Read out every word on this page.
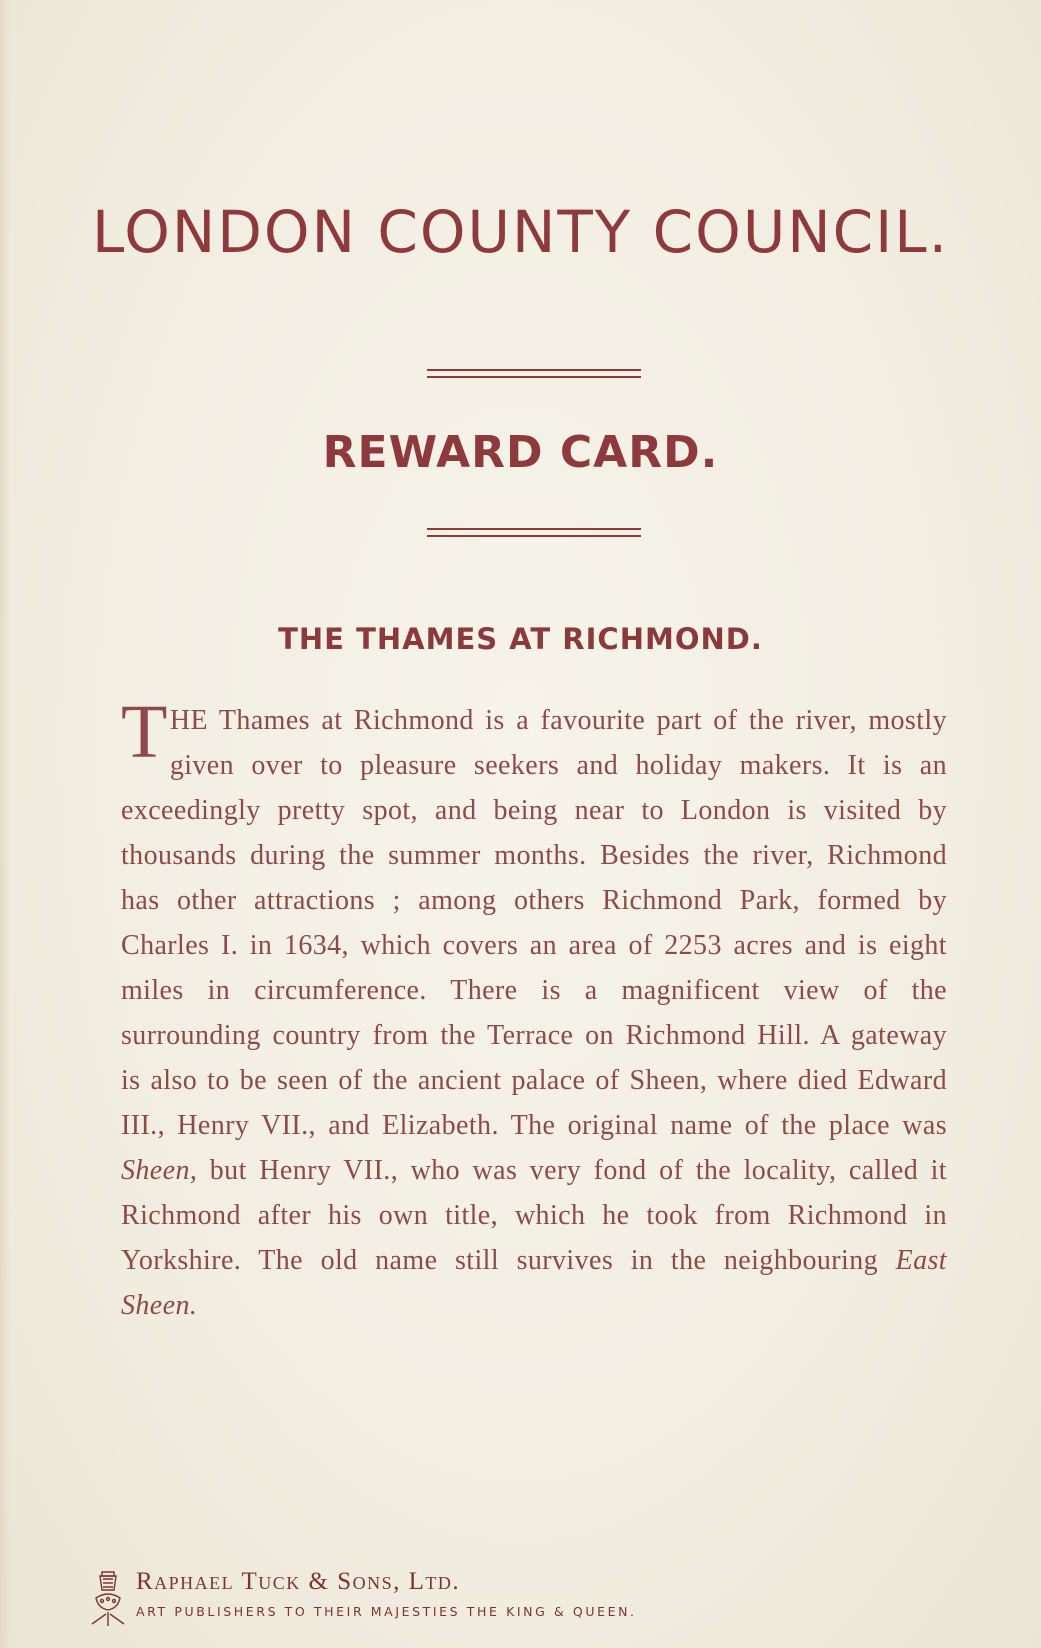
LONDON COUNTY COUNCIL.
REWARD CARD.
THE THAMES AT RICHMOND.

THE Thames at Richmond is a favourite part of the river, mostly given over to pleasure seekers and holiday makers. It is an exceedingly pretty spot, and being near to London is visited by thousands during the summer months. Besides the river, Richmond has other attractions ; among others Richmond Park, formed by Charles I. in 1634, which covers an area of 2253 acres and is eight miles in circumference. There is a magnificent view of the surrounding country from the Terrace on Richmond Hill. A gateway is also to be seen of the ancient palace of Sheen, where died Edward III., Henry VII., and Elizabeth. The original name of the place was Sheen, but Henry VII., who was very fond of the locality, called it Richmond after his own title, which he took from Richmond in Yorkshire. The old name still survives in the neighbouring East Sheen.

Raphael Tuck & Sons, Ltd.

ART PUBLISHERS TO THEIR MAJESTIES THE KING & QUEEN.
